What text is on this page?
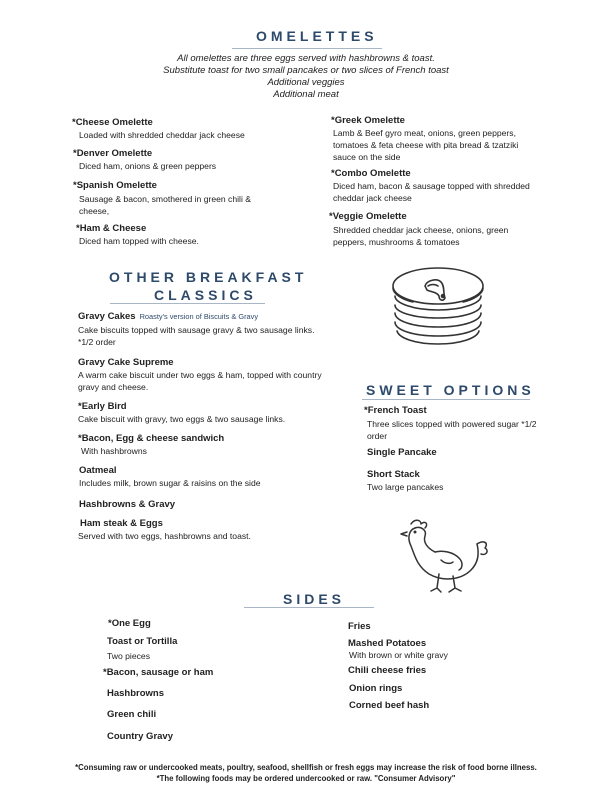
OMELETTES
All omelettes are three eggs served with hashbrowns & toast.
Substitute toast for two small pancakes or two slices of French toast
Additional veggies
Additional meat
*Cheese Omelette
Loaded with shredded cheddar jack cheese
*Denver Omelette
Diced ham, onions & green peppers
*Spanish Omelette
Sausage & bacon, smothered in green chili & cheese,
*Ham & Cheese
Diced ham topped with cheese.
*Greek Omelette
Lamb & Beef gyro meat, onions, green peppers, tomatoes & feta cheese with pita bread & tzatziki sauce on the side
*Combo Omelette
Diced ham, bacon & sausage topped with shredded cheddar jack cheese
*Veggie Omelette
Shredded cheddar jack cheese, onions, green peppers, mushrooms & tomatoes
OTHER BREAKFAST
CLASSICS
Gravy Cakes Roasty's version of Biscuits & Gravy
Cake biscuits topped with sausage gravy & two sausage links. *1/2 order
Gravy Cake Supreme
A warm cake biscuit under two eggs & ham, topped with country gravy and cheese.
*Early Bird
Cake biscuit with gravy, two eggs & two sausage links.
*Bacon, Egg & cheese sandwich
With hashbrowns
Oatmeal
Includes milk, brown sugar & raisins on the side
Hashbrowns & Gravy
Ham steak & Eggs
Served with two eggs, hashbrowns and toast.
SWEET OPTIONS
*French Toast
Three slices topped with powered sugar *1/2 order
Single Pancake
Short Stack
Two large pancakes
SIDES
*One Egg
Toast or Tortilla
Two pieces
*Bacon, sausage or ham
Hashbrowns
Green chili
Country Gravy
Fries
Mashed Potatoes
With brown or white gravy
Chili cheese fries
Onion rings
Corned beef hash
*Consuming raw or undercooked meats, poultry, seafood, shellfish or fresh eggs may increase the risk of food borne illness.
*The following foods may be ordered undercooked or raw. "Consumer Advisory"
